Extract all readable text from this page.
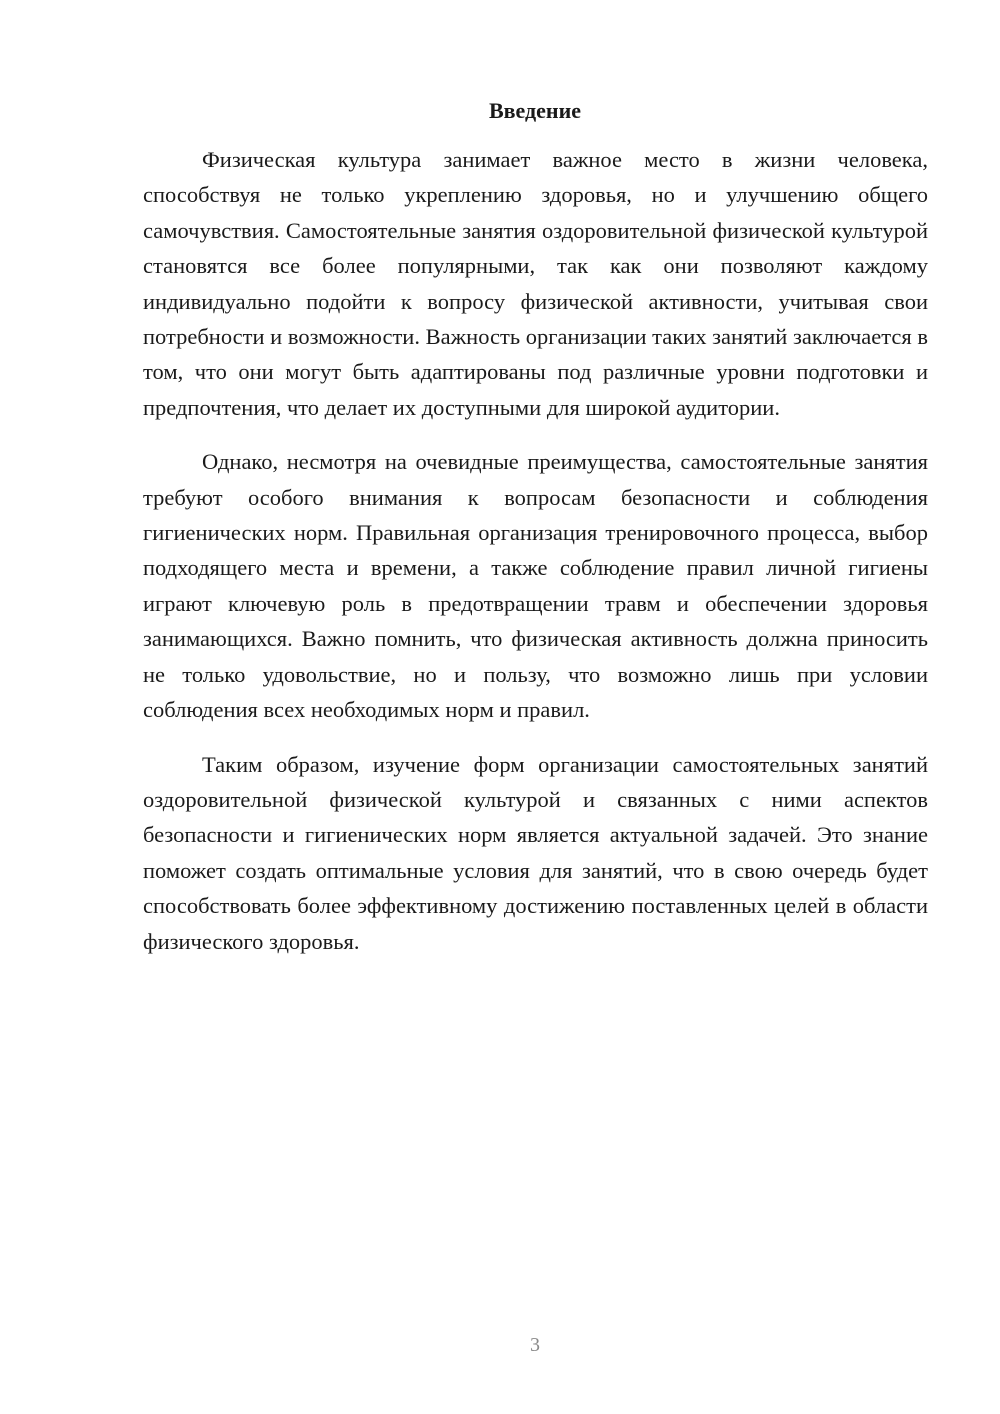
Введение

Физическая культура занимает важное место в жизни человека, способствуя не только укреплению здоровья, но и улучшению общего самочувствия. Самостоятельные занятия оздоровительной физической культурой становятся все более популярными, так как они позволяют каждому индивидуально подойти к вопросу физической активности, учитывая свои потребности и возможности. Важность организации таких занятий заключается в том, что они могут быть адаптированы под различные уровни подготовки и предпочтения, что делает их доступными для широкой аудитории.

Однако, несмотря на очевидные преимущества, самостоятельные занятия требуют особого внимания к вопросам безопасности и соблюдения гигиенических норм. Правильная организация тренировочного процесса, выбор подходящего места и времени, а также соблюдение правил личной гигиены играют ключевую роль в предотвращении травм и обеспечении здоровья занимающихся. Важно помнить, что физическая активность должна приносить не только удовольствие, но и пользу, что возможно лишь при условии соблюдения всех необходимых норм и правил.

Таким образом, изучение форм организации самостоятельных занятий оздоровительной физической культурой и связанных с ними аспектов безопасности и гигиенических норм является актуальной задачей. Это знание поможет создать оптимальные условия для занятий, что в свою очередь будет способствовать более эффективному достижению поставленных целей в области физического здоровья.

3
